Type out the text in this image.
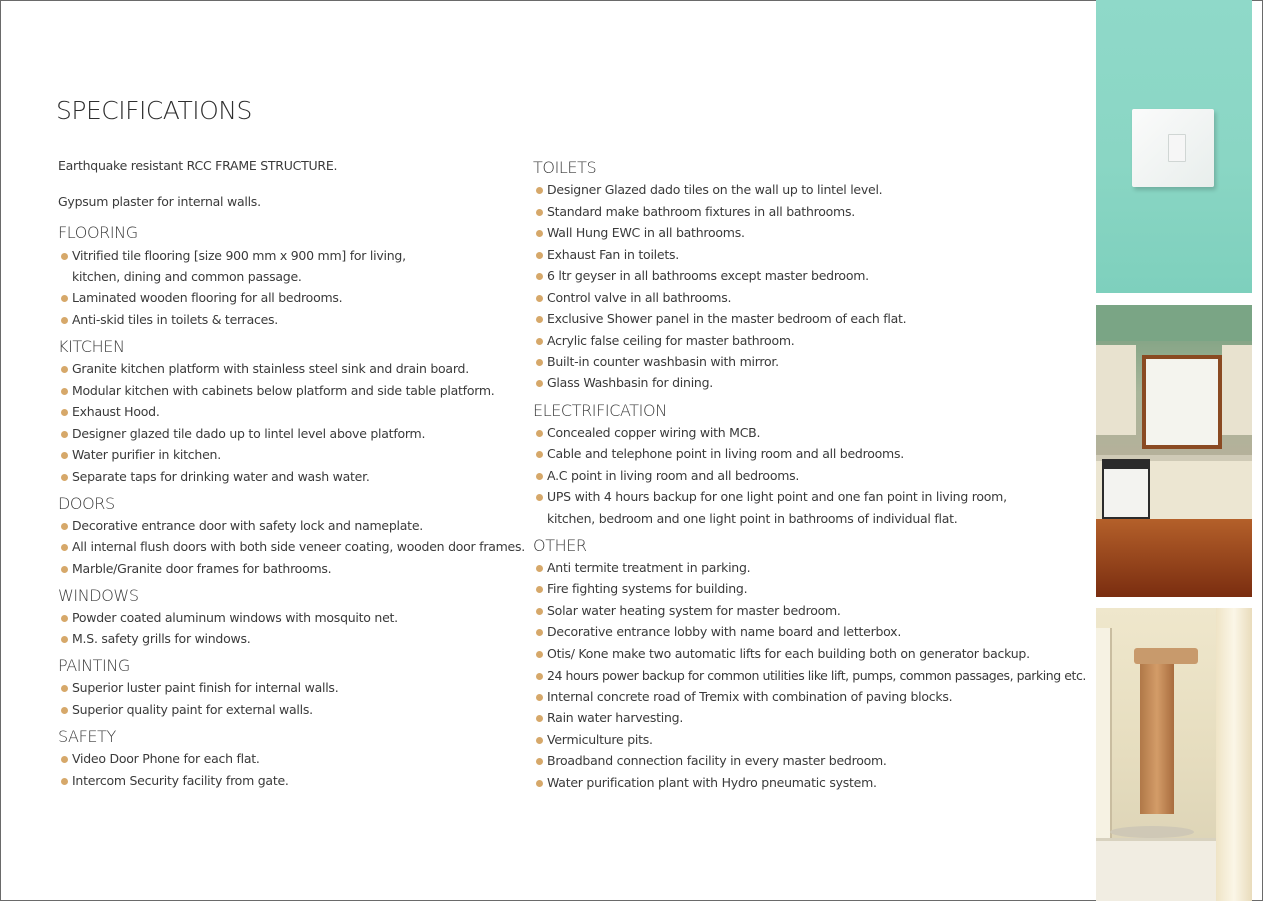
SPECIFICATIONS
Earthquake resistant RCC FRAME STRUCTURE.
Gypsum plaster for internal walls.
FLOORING
Vitrified tile flooring [size 900 mm x 900 mm] for living,
kitchen, dining and common passage.
Laminated wooden flooring for all bedrooms.
Anti-skid tiles in toilets & terraces.
KITCHEN
Granite kitchen platform with stainless steel sink and drain board.
Modular kitchen with cabinets below platform and side table platform.
Exhaust Hood.
Designer glazed tile dado up to lintel level above platform.
Water purifier in kitchen.
Separate taps for drinking water and wash water.
DOORS
Decorative entrance door with safety lock and nameplate.
All internal flush doors with both side veneer coating, wooden door frames.
Marble/Granite door frames for bathrooms.
WINDOWS
Powder coated aluminum windows with mosquito net.
M.S. safety grills for windows.
PAINTING
Superior luster paint finish for internal walls.
Superior quality paint for external walls.
SAFETY
Video Door Phone for each flat.
Intercom Security facility from gate.
TOILETS
Designer Glazed dado tiles on the wall up to lintel level.
Standard make bathroom fixtures in all bathrooms.
Wall Hung EWC in all bathrooms.
Exhaust Fan in toilets.
6 ltr geyser in all bathrooms except master bedroom.
Control valve in all bathrooms.
Exclusive Shower panel in the master bedroom of each flat.
Acrylic false ceiling for master bathroom.
Built-in counter washbasin with mirror.
Glass Washbasin for dining.
ELECTRIFICATION
Concealed copper wiring with MCB.
Cable and telephone point in living room and all bedrooms.
A.C point in living room and all bedrooms.
UPS with 4 hours backup for one light point and one fan point in living room,
kitchen, bedroom and one light point in bathrooms of individual flat.
OTHER
Anti termite treatment in parking.
Fire fighting systems for building.
Solar water heating system for master bedroom.
Decorative entrance lobby with name board and letterbox.
Otis/ Kone make two automatic lifts for each building both on generator backup.
24 hours power backup for common utilities like lift, pumps, common passages, parking etc.
Internal concrete road of Tremix with combination of paving blocks.
Rain water harvesting.
Vermiculture pits.
Broadband connection facility in every master bedroom.
Water purification plant with Hydro pneumatic system.
